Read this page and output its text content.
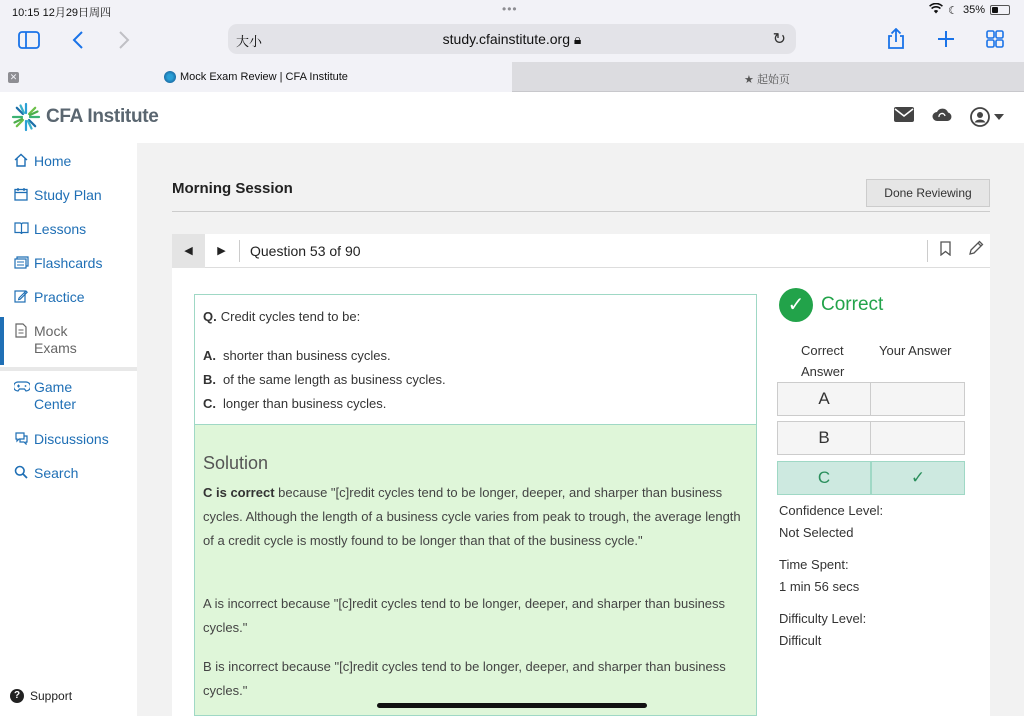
10:15 12月29日周四	•••	☾ 35%
大小	study.cfainstitute.org 🔒︎	↻
✕	Mock Exam Review | CFA Institute	★ 起始页
CFA Institute
Home
Study Plan
Lessons
Flashcards
Practice
Mock Exams
Game Center
Discussions
Search
? Support
Morning Session	Done Reviewing
◀	▶	Question 53 of 90
Q. Credit cycles tend to be:
A. shorter than business cycles.
B. of the same length as business cycles.
C. longer than business cycles.
Solution
C is correct because "[c]redit cycles tend to be longer, deeper, and sharper than business cycles. Although the length of a business cycle varies from peak to trough, the average length of a credit cycle is mostly found to be longer than that of the business cycle."
A is incorrect because "[c]redit cycles tend to be longer, deeper, and sharper than business cycles."
B is incorrect because "[c]redit cycles tend to be longer, deeper, and sharper than business cycles."
✓ Correct
Correct Answer
Your Answer
A
B
C	✓
Confidence Level:
Not Selected
Time Spent:
1 min 56 secs
Difficulty Level:
Difficult
